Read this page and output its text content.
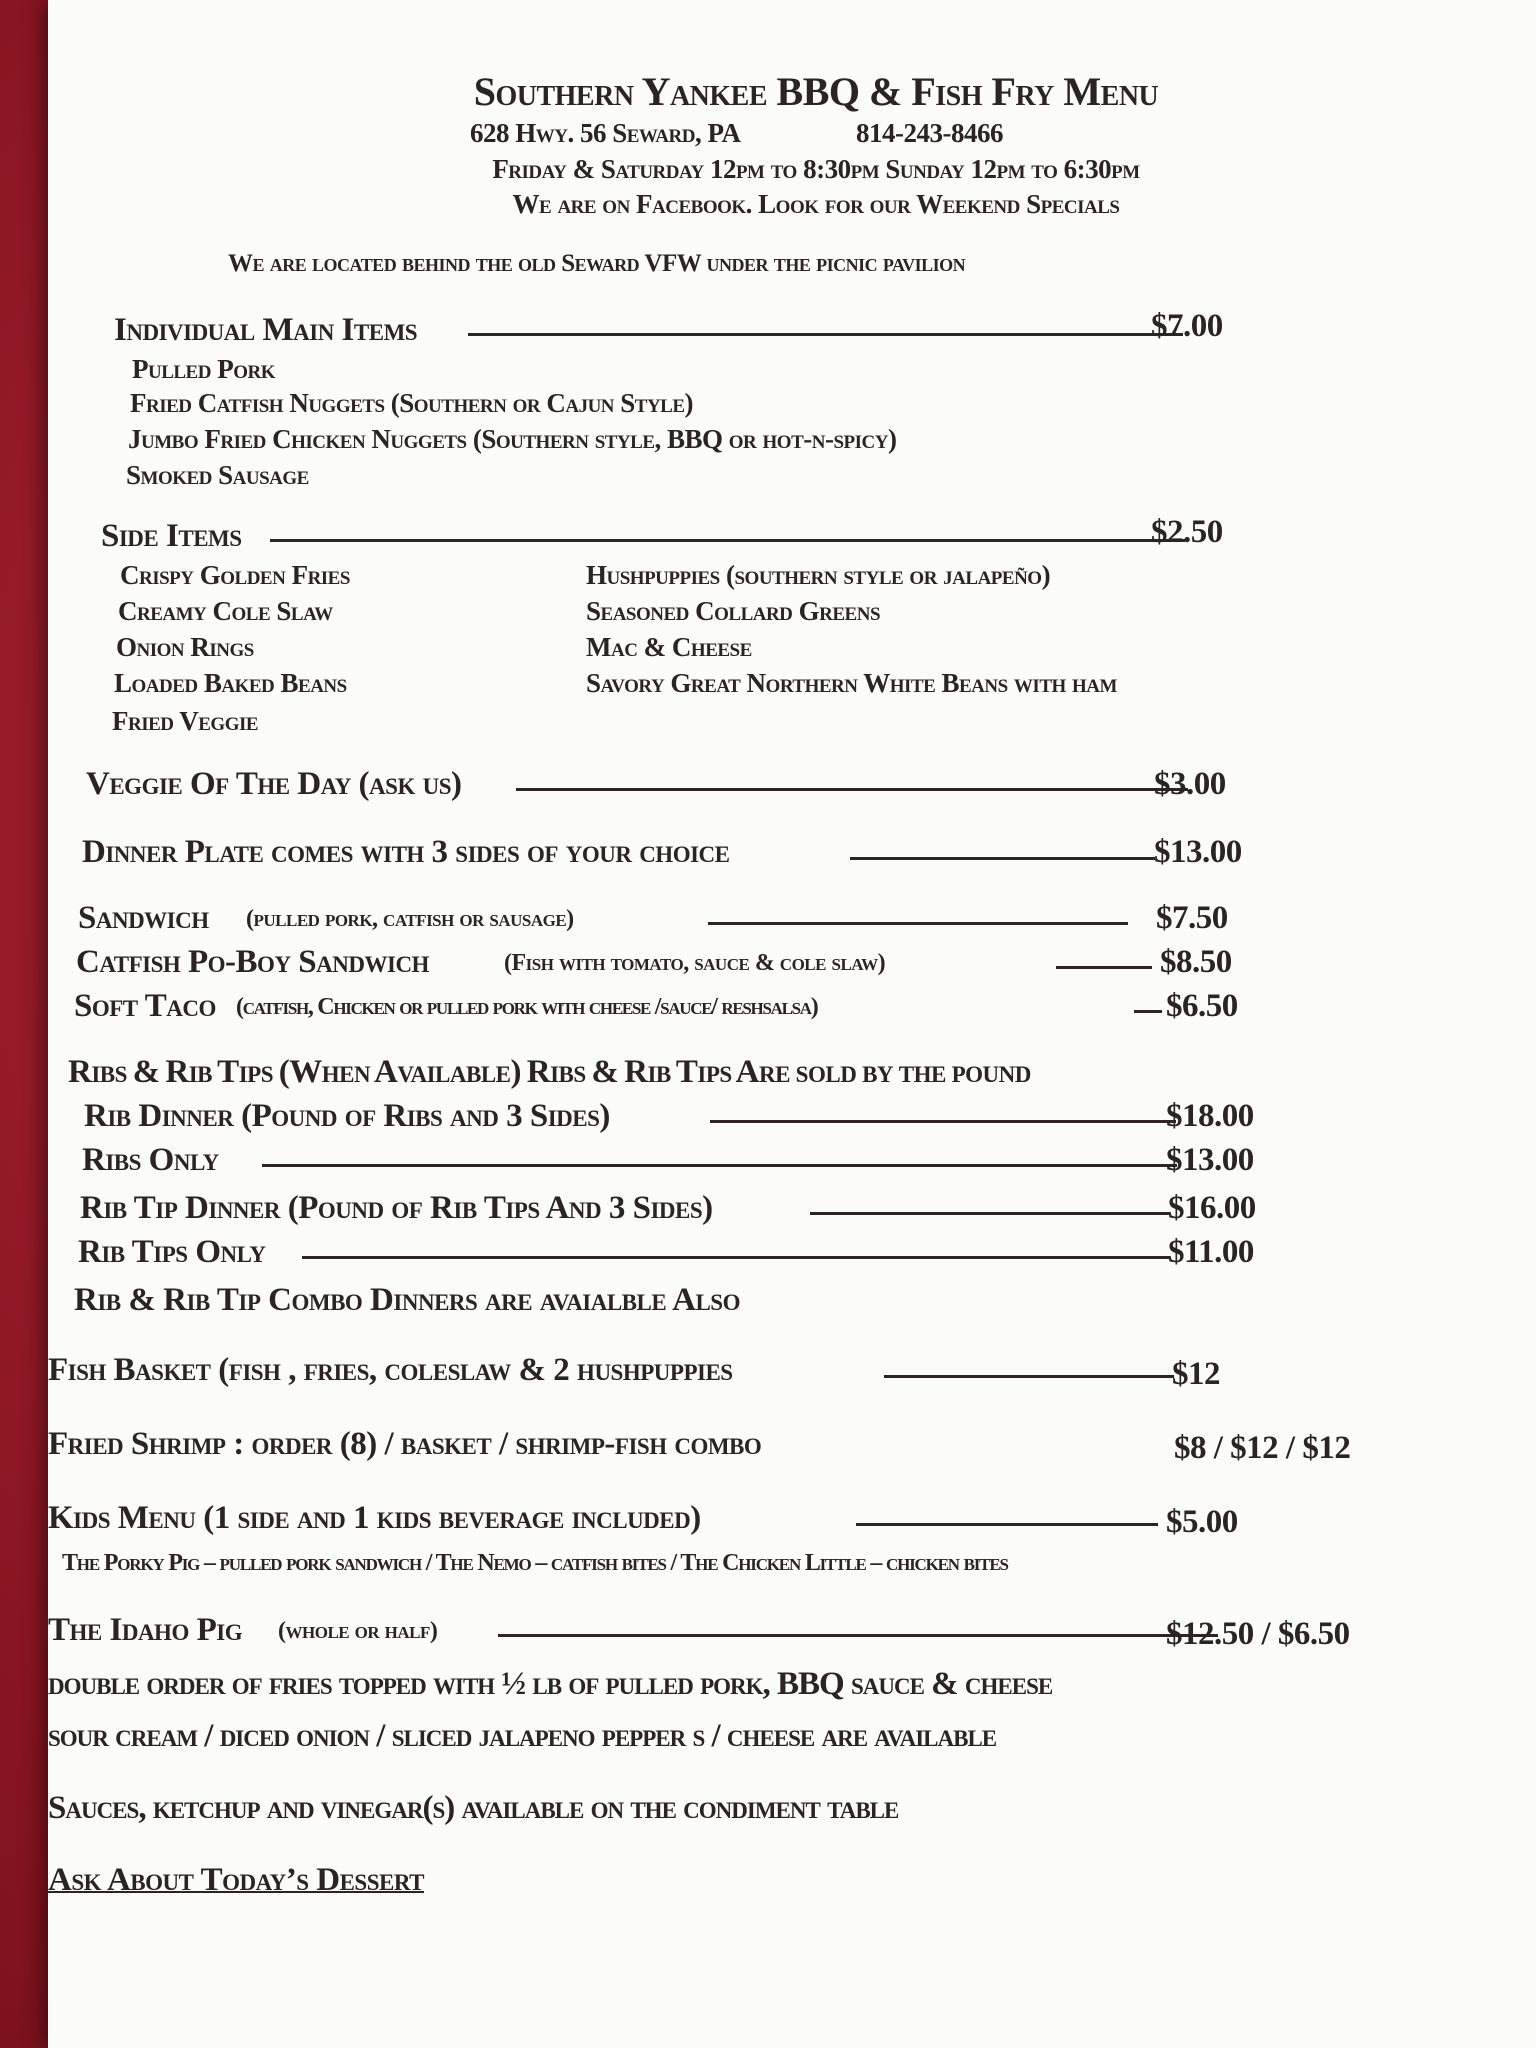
Southern Yankee BBQ & Fish Fry Menu
628 Hwy. 56 Seward, PA	814-243-8466
Friday & Saturday 12pm to 8:30pm Sunday 12pm to 6:30pm
We are on Facebook. Look for our Weekend Specials
We are located behind the old Seward VFW under the picnic pavilion
Individual Main Items	$7.00
Pulled Pork
Fried Catfish Nuggets (Southern or Cajun Style)
Jumbo Fried Chicken Nuggets (Southern style, BBQ or hot-n-spicy)
Smoked Sausage
Side Items	$2.50
Crispy Golden Fries
Creamy Cole Slaw
Onion Rings
Loaded Baked Beans
Fried Veggie
Hushpuppies (southern style or jalapeño)
Seasoned Collard Greens
Mac & Cheese
Savory Great Northern White Beans with ham
Veggie Of The Day (ask us)	$3.00
Dinner Plate comes with 3 sides of your choice	$13.00
Sandwich (pulled pork, catfish or sausage)	$7.50
Catfish Po-Boy Sandwich	(Fish with tomato, sauce & cole slaw)	$8.50
Soft Taco (catfish, Chicken or pulled pork with cheese /sauce/ reshsalsa)	$6.50
Ribs & Rib Tips (When Available) Ribs & Rib Tips Are sold by the pound
Rib Dinner (Pound of Ribs and 3 Sides)	$18.00
Ribs Only	$13.00
Rib Tip Dinner (Pound of Rib Tips And 3 Sides)	$16.00
Rib Tips Only	$11.00
Rib & Rib Tip Combo Dinners are avaialble Also
Fish Basket (fish , fries, coleslaw & 2 hushpuppies	$12
Fried Shrimp : order (8) / basket / shrimp-fish combo	$8 / $12 / $12
Kids Menu (1 side and 1 kids beverage included)	$5.00
The Porky Pig – pulled pork sandwich / The Nemo – catfish bites / The Chicken Little – chicken bites
The Idaho Pig (whole or half)	$12.50 / $6.50
double order of fries topped with ½ lb of pulled pork, BBQ sauce & cheese
sour cream / diced onion / sliced jalapeno pepper s / cheese are available
Sauces, ketchup and vinegar(s) available on the condiment table
Ask About Today’s Dessert
